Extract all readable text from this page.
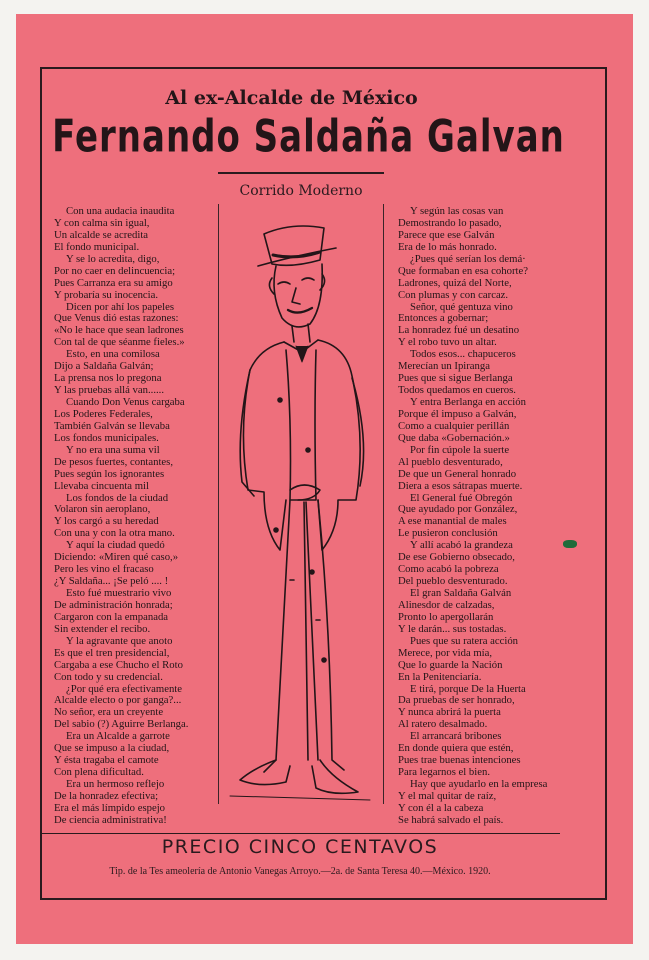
Al ex-Alcalde de México
Fernando Saldaña Galvan
Corrido Moderno
Con una audacia inaudita
Y con calma sin igual,
Un alcalde se acredita
El fondo municipal.
Y se lo acredita, digo,
Por no caer en delincuencia;
Pues Carranza era su amigo
Y probaría su inocencia.
Dicen por ahí los papeles
Que Venus dió estas razones:
«No le hace que sean ladrones
Con tal de que séanme fieles.»
Esto, en una comilosa
Dijo a Saldaña Galván;
La prensa nos lo pregona
Y las pruebas allá van......
Cuando Don Venus cargaba
Los Poderes Federales,
También Galván se llevaba
Los fondos municipales.
Y no era una suma vil
De pesos fuertes, contantes,
Pues según los ignorantes
Llevaba cincuenta mil
Los fondos de la ciudad
Volaron sin aeroplano,
Y los cargó a su heredad
Con una y con la otra mano.
Y aquí la ciudad quedó
Diciendo: «Miren qué caso,»
Pero les vino el fracaso
¿Y Saldaña... ¡Se peló .... !
Esto fué muestrario vivo
De administración honrada;
Cargaron con la empanada
Sin extender el recibo.
Y la agravante que anoto
Es que el tren presidencial,
Cargaba a ese Chucho el Roto
Con todo y su credencial.
¿Por qué era efectivamente
Alcalde electo o por ganga?...
No señor, era un creyente
Del sabio (?) Aguirre Berlanga.
Era un Alcalde a garrote
Que se impuso a la ciudad,
Y ésta tragaba el camote
Con plena dificultad.
Era un hermoso reflejo
De la honradez efectiva;
Era el más límpido espejo
De ciencia administrativa!
Y según las cosas van
Demostrando lo pasado,
Parece que ese Galván
Era de lo más honrado.
¿Pues qué serían los demá·
Que formaban en esa cohorte?
Ladrones, quizá del Norte,
Con plumas y con carcaz.
Señor, qué gentuza vino
Entonces a gobernar;
La honradez fué un desatino
Y el robo tuvo un altar.
Todos esos... chapuceros
Merecían un Ipiranga
Pues que si sigue Berlanga
Todos quedamos en cueros.
Y entra Berlanga en acción
Porque él impuso a Galván,
Como a cualquier perillán
Que daba «Gobernación.»
Por fin cúpole la suerte
Al pueblo desventurado,
De que un General honrado
Diera a esos sátrapas muerte.
El General fué Obregón
Que ayudado por González,
A ese manantial de males
Le pusieron conclusión
Y allí acabó la grandeza
De ese Gobierno obsecado,
Como acabó la pobreza
Del pueblo desventurado.
El gran Saldaña Galván
Alinesdor de calzadas,
Pronto lo apergollarán
Y le darán... sus tostadas.
Pues que su ratera acción
Merece, por vida mía,
Que lo guarde la Nación
En la Penitenciaría.
E tirá, porque De la Huerta
Da pruebas de ser honrado,
Y nunca abrirá la puerta
Al ratero desalmado.
El arrancará bribones
En donde quiera que estén,
Pues trae buenas intenciones
Para legarnos el bien.
Hay que ayudarlo en la empresa
Y el mal quitar de raíz,
Y con él a la cabeza
Se habrá salvado el país.
PRECIO CINCO CENTAVOS
Tip. de la Tes ameolería de Antonio Vanegas Arroyo.—2a. de Santa Teresa 40.—México. 1920.
